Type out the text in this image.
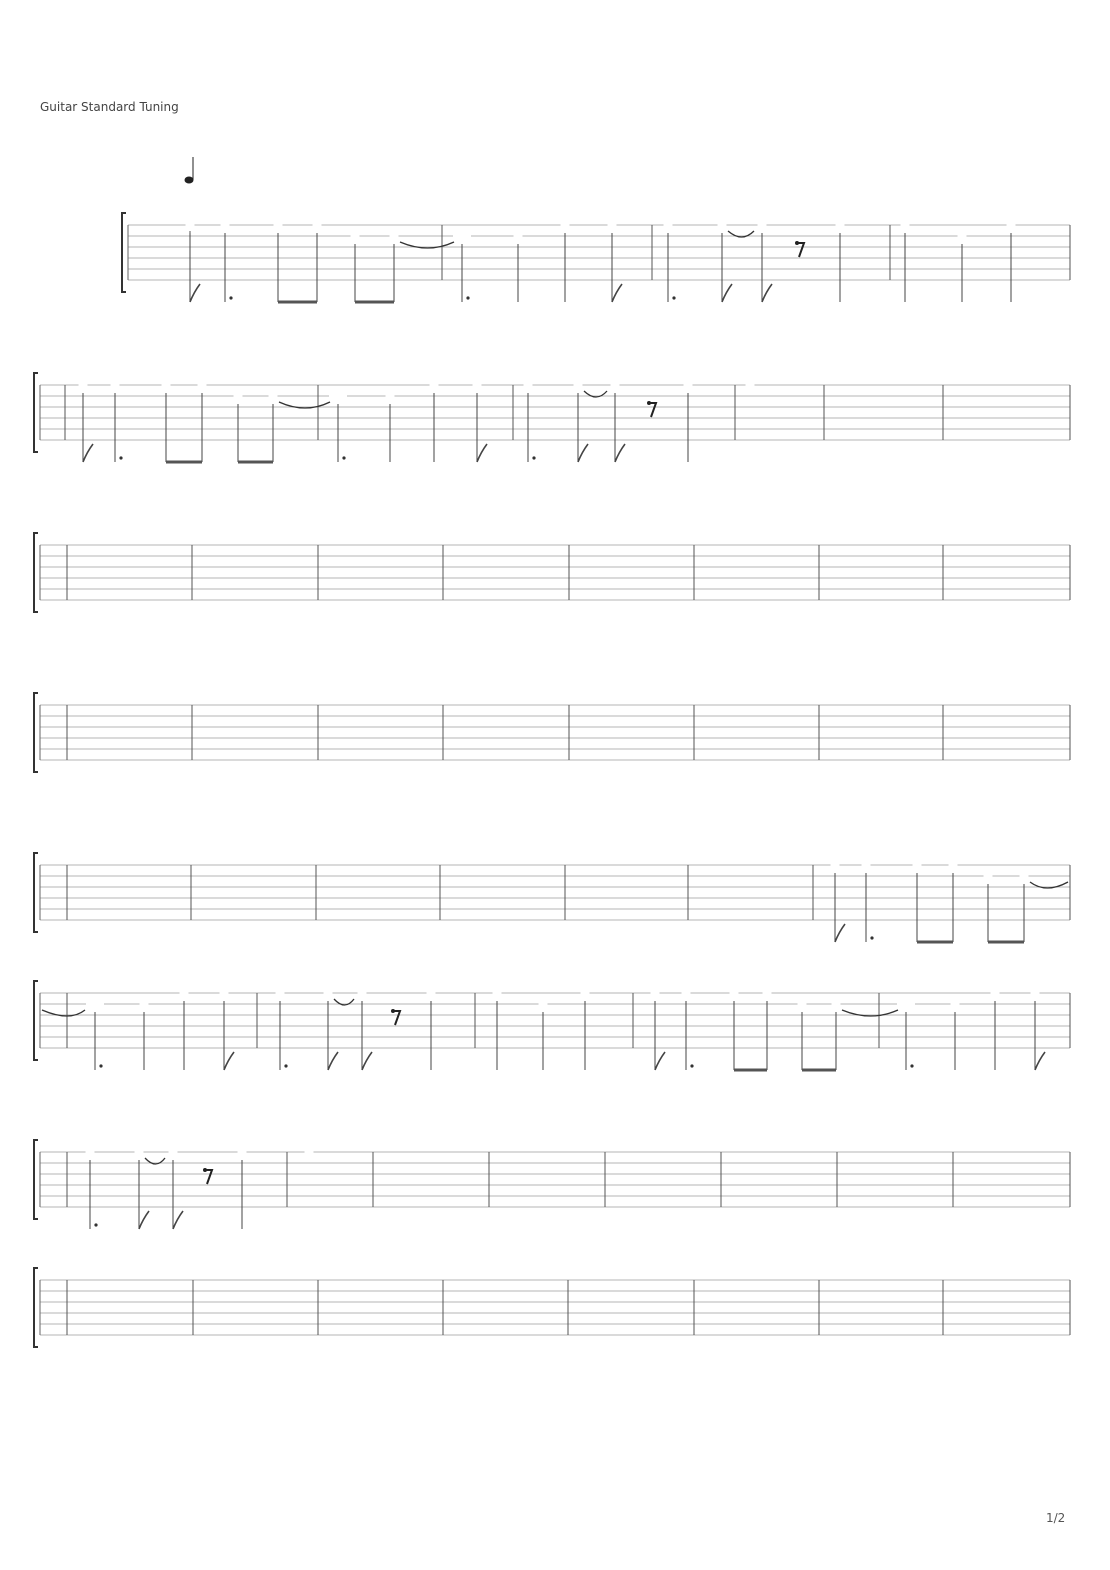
Guitar Standard Tuning
1/2
